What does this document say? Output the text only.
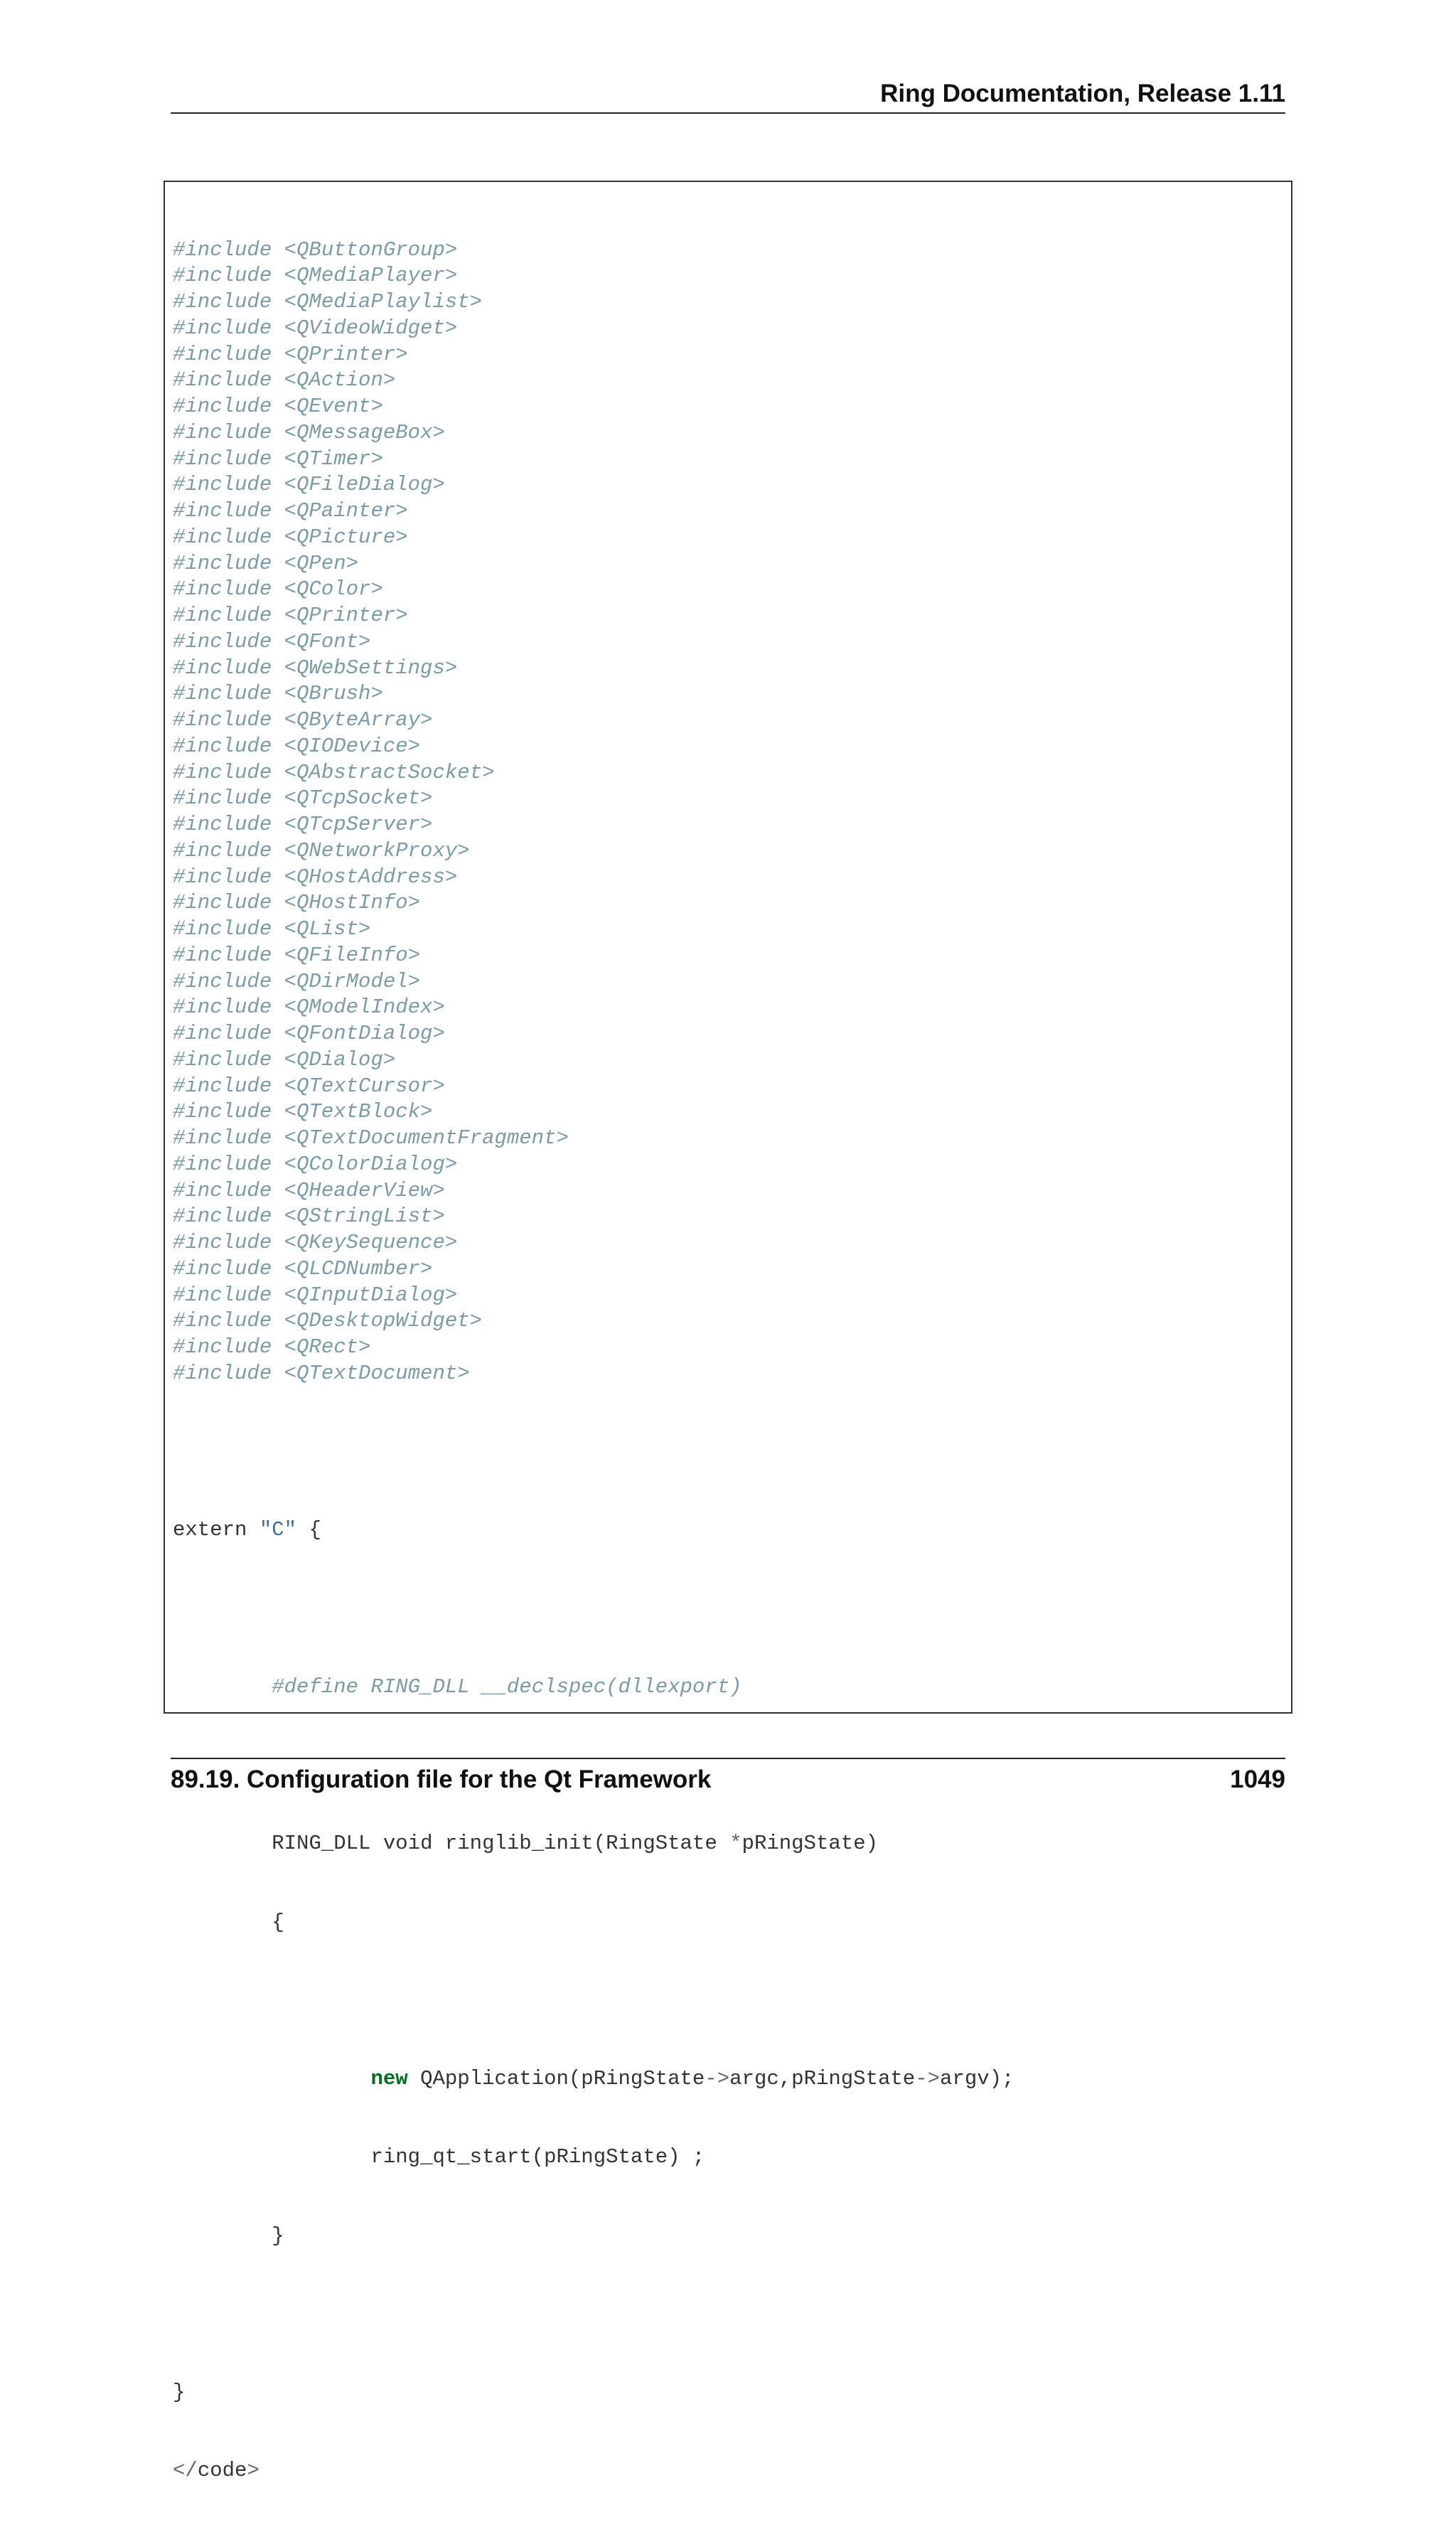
Ring Documentation, Release 1.11

#include <QButtonGroup>
#include <QMediaPlayer>
#include <QMediaPlaylist>
#include <QVideoWidget>
#include <QPrinter>
#include <QAction>
#include <QEvent>
#include <QMessageBox>
#include <QTimer>
#include <QFileDialog>
#include <QPainter>
#include <QPicture>
#include <QPen>
#include <QColor>
#include <QPrinter>
#include <QFont>
#include <QWebSettings>
#include <QBrush>
#include <QByteArray>
#include <QIODevice>
#include <QAbstractSocket>
#include <QTcpSocket>
#include <QTcpServer>
#include <QNetworkProxy>
#include <QHostAddress>
#include <QHostInfo>
#include <QList>
#include <QFileInfo>
#include <QDirModel>
#include <QModelIndex>
#include <QFontDialog>
#include <QDialog>
#include <QTextCursor>
#include <QTextBlock>
#include <QTextDocumentFragment>
#include <QColorDialog>
#include <QHeaderView>
#include <QStringList>
#include <QKeySequence>
#include <QLCDNumber>
#include <QInputDialog>
#include <QDesktopWidget>
#include <QRect>
#include <QTextDocument>

extern "C" {

#define RING_DLL __declspec(dllexport)

RING_DLL void ringlib_init(RingState *pRingState)

{

new QApplication(pRingState->argc,pRingState->argv);

ring_qt_start(pRingState) ;

}

}

</code>

89.19. Configuration file for the Qt Framework	1049
